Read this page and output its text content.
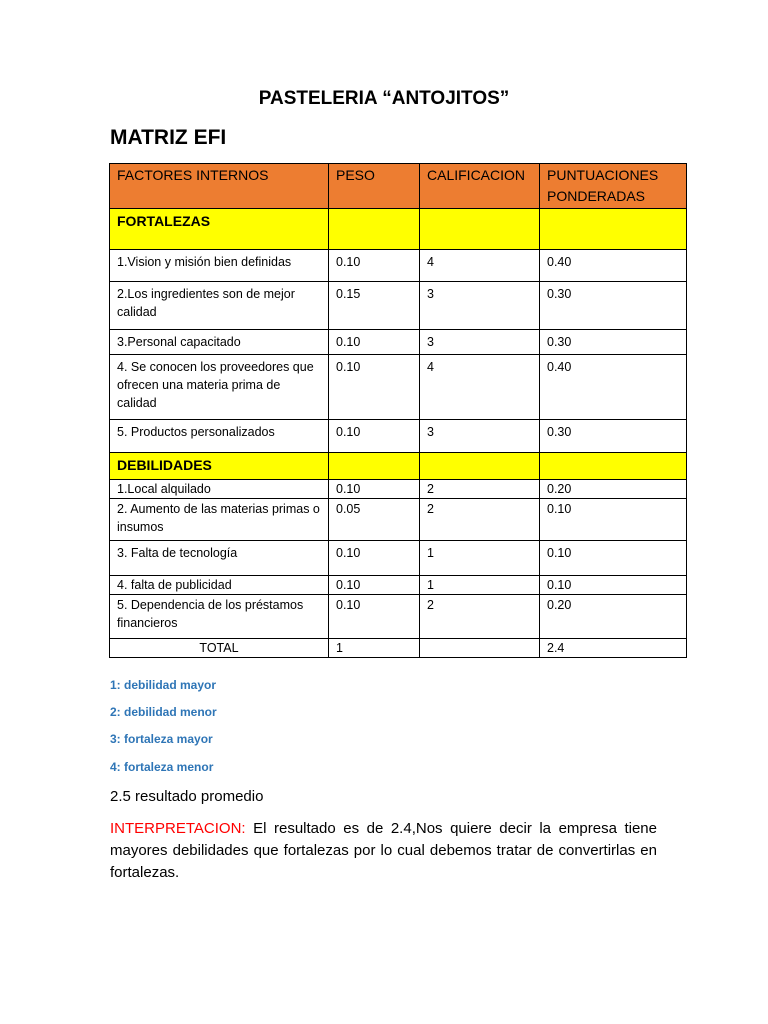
PASTELERIA “ANTOJITOS”
MATRIZ EFI
FACTORES INTERNOS	PESO	CALIFICACION	PUNTUACIONES PONDERADAS
FORTALEZAS			
1.Vision y misión bien definidas	0.10	4	0.40
2.Los ingredientes son de mejor calidad	0.15	3	0.30
3.Personal capacitado	0.10	3	0.30
4. Se conocen los proveedores que ofrecen una materia prima de calidad	0.10	4	0.40
5. Productos personalizados	0.10	3	0.30
DEBILIDADES			
1.Local alquilado	0.10	2	0.20
2. Aumento de las materias primas o insumos	0.05	2	0.10
3. Falta de tecnología	0.10	1	0.10
4. falta de publicidad	0.10	1	0.10
5. Dependencia de los préstamos financieros	0.10	2	0.20
TOTAL	1		2.4
1: debilidad mayor
2: debilidad menor
3: fortaleza mayor
4: fortaleza menor
2.5 resultado promedio
INTERPRETACION: El resultado es de 2.4,Nos quiere decir la empresa tiene mayores debilidades que fortalezas por lo cual debemos tratar de convertirlas en fortalezas.
